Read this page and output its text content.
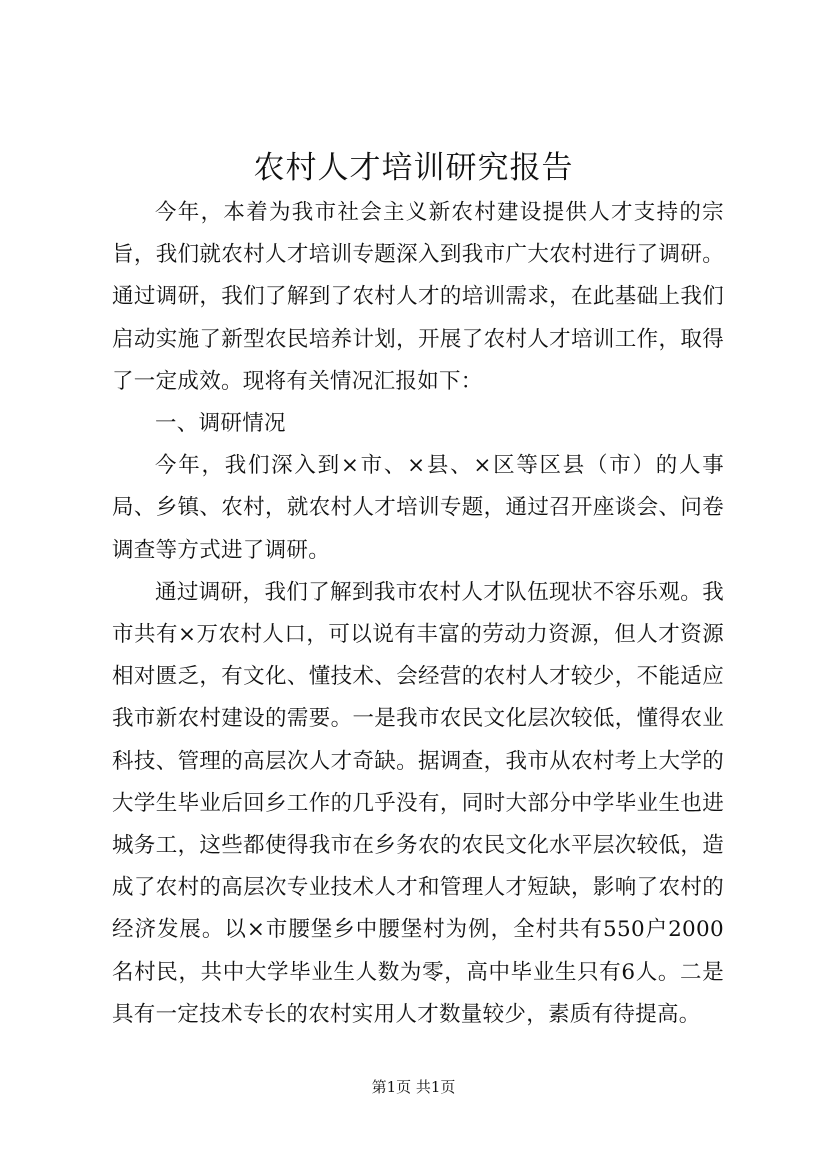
农村人才培训研究报告

今年，本着为我市社会主义新农村建设提供人才支持的宗旨，我们就农村人才培训专题深入到我市广大农村进行了调研。通过调研，我们了解到了农村人才的培训需求，在此基础上我们启动实施了新型农民培养计划，开展了农村人才培训工作，取得了一定成效。现将有关情况汇报如下：

一、调研情况

今年，我们深入到×市、×县、×区等区县（市）的人事局、乡镇、农村，就农村人才培训专题，通过召开座谈会、问卷调查等方式进了调研。

通过调研，我们了解到我市农村人才队伍现状不容乐观。我市共有×万农村人口，可以说有丰富的劳动力资源，但人才资源相对匮乏，有文化、懂技术、会经营的农村人才较少，不能适应我市新农村建设的需要。一是我市农民文化层次较低，懂得农业科技、管理的高层次人才奇缺。据调查，我市从农村考上大学的大学生毕业后回乡工作的几乎没有，同时大部分中学毕业生也进城务工，这些都使得我市在乡务农的农民文化水平层次较低，造成了农村的高层次专业技术人才和管理人才短缺，影响了农村的经济发展。以×市腰堡乡中腰堡村为例，全村共有550户2000名村民，共中大学毕业生人数为零，高中毕业生只有6人。二是具有一定技术专长的农村实用人才数量较少，素质有待提高。

第1页 共1页
